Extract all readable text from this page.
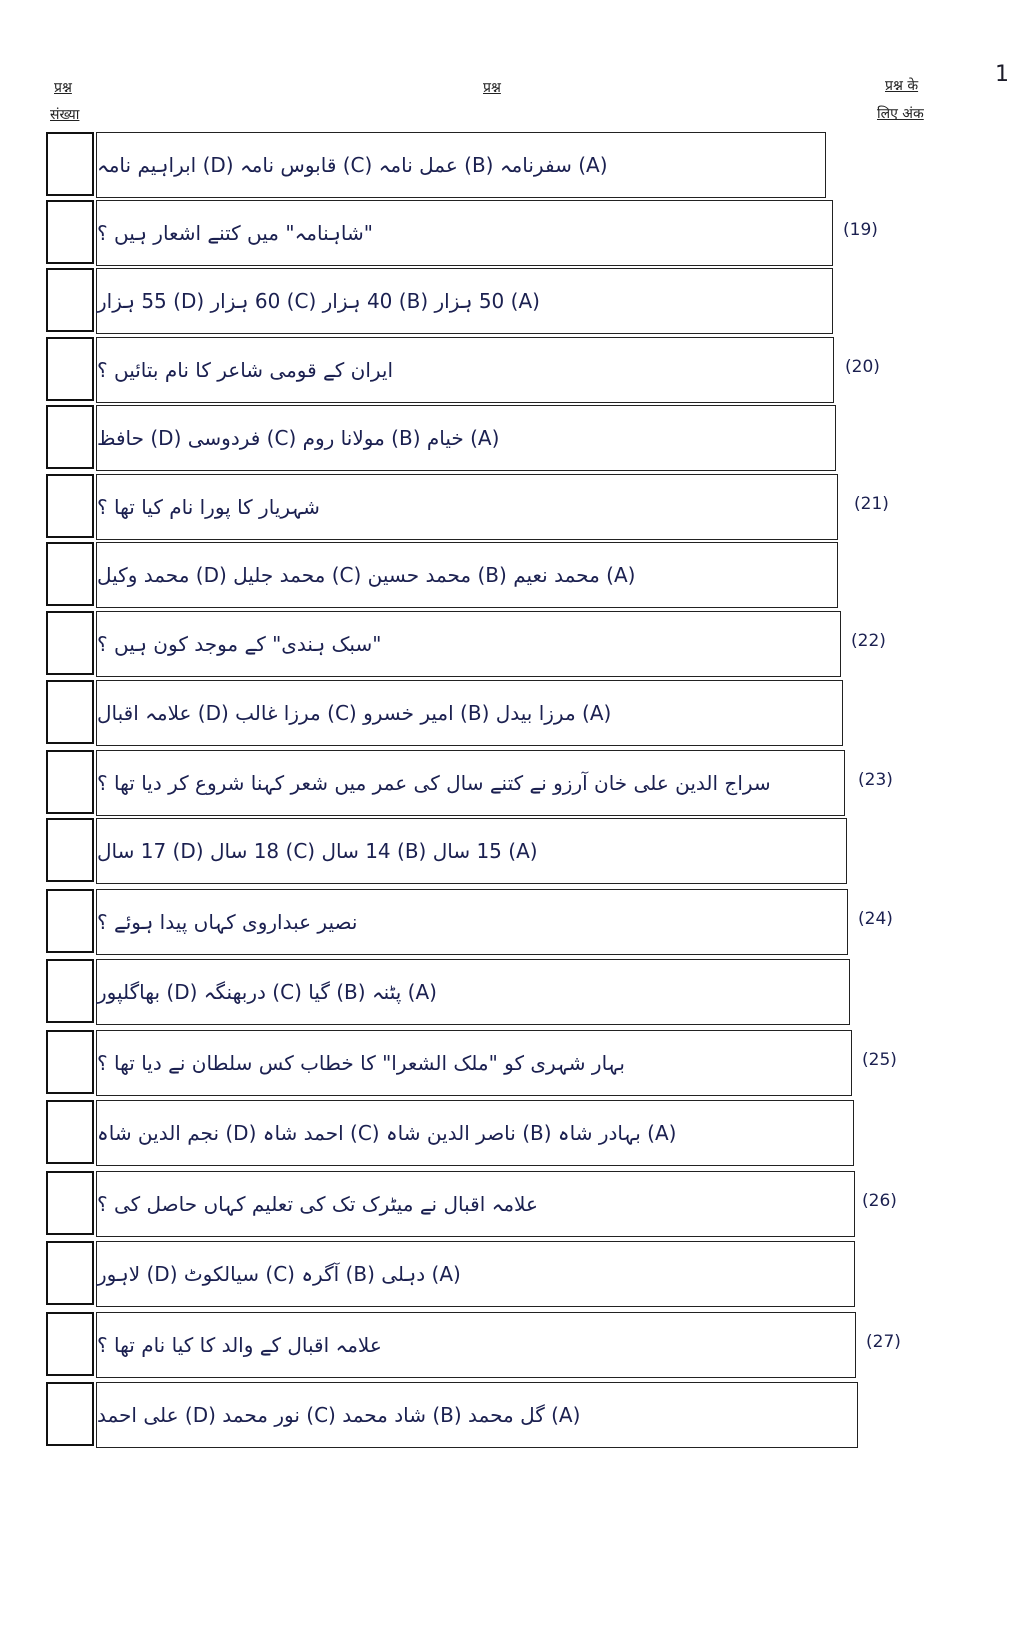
1
प्रश्न
संख्या
प्रश्न	प्रश्न के
लिए अंक
(A) سفرنامہ (B) عمل نامہ (C) قابوس نامہ (D) ابراہیم نامہ
"شاہنامہ" میں کتنے اشعار ہیں ؟	(19)
(A) 50 ہزار (B) 40 ہزار (C) 60 ہزار (D) 55 ہزار
ایران کے قومی شاعر کا نام بتائیں ؟	(20)
(A) خیام (B) مولانا روم (C) فردوسی (D) حافظ
شہریار کا پورا نام کیا تھا ؟	(21)
(A) محمد نعیم (B) محمد حسین (C) محمد جلیل (D) محمد وکیل
"سبک ہندی" کے موجد کون ہیں ؟	(22)
(A) مرزا بیدل (B) امیر خسرو (C) مرزا غالب (D) علامہ اقبال
سراج الدین علی خان آرزو نے کتنے سال کی عمر میں شعر کہنا شروع کر دیا تھا ؟	(23)
(A) 15 سال (B) 14 سال (C) 18 سال (D) 17 سال
نصیر عبداروی کہاں پیدا ہوئے ؟	(24)
(A) پٹنہ (B) گیا (C) دربھنگہ (D) بھاگلپور
بہار شہری کو "ملک الشعرا" کا خطاب کس سلطان نے دیا تھا ؟	(25)
(A) بہادر شاہ (B) ناصر الدین شاہ (C) احمد شاہ (D) نجم الدین شاہ
علامہ اقبال نے میٹرک تک کی تعلیم کہاں حاصل کی ؟	(26)
(A) دہلی (B) آگرہ (C) سیالکوٹ (D) لاہور
علامہ اقبال کے والد کا کیا نام تھا ؟	(27)
(A) گل محمد (B) شاد محمد (C) نور محمد (D) علی احمد
